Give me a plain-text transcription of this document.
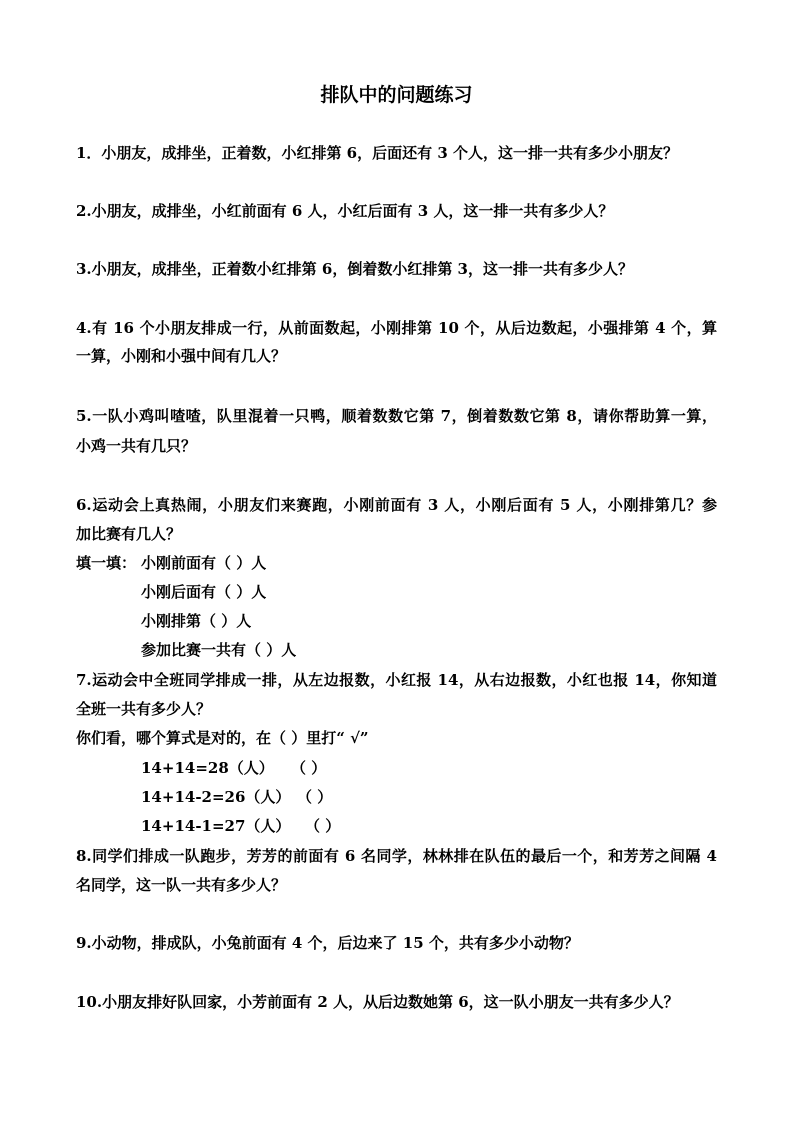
排队中的问题练习
1．小朋友，成排坐，正着数，小红排第 6，后面还有 3 个人，这一排一共有多少小朋友？
2.小朋友，成排坐，小红前面有 6 人，小红后面有 3 人，这一排一共有多少人？
3.小朋友，成排坐，正着数小红排第 6，倒着数小红排第 3，这一排一共有多少人？
4.有 16 个小朋友排成一行，从前面数起，小刚排第 10 个，从后边数起，小强排第 4 个，算
一算，小刚和小强中间有几人？
5.一队小鸡叫喳喳，队里混着一只鸭，顺着数数它第 7，倒着数数它第 8，请你帮助算一算，
小鸡一共有几只？
6.运动会上真热闹，小朋友们来赛跑，小刚前面有 3 人，小刚后面有 5 人，小刚排第几？参
加比赛有几人？
填一填： 小刚前面有（ ）人
小刚后面有（ ）人
小刚排第（ ）人
参加比赛一共有（ ）人
7.运动会中全班同学排成一排，从左边报数，小红报 14，从右边报数，小红也报 14，你知道
全班一共有多少人？
你们看，哪个算式是对的，在（ ）里打“ √”
14+14=28（人） （ ）
14+14-2=26（人） （ ）
14+14-1=27（人） （ ）
8.同学们排成一队跑步，芳芳的前面有 6 名同学，林林排在队伍的最后一个，和芳芳之间隔 4
名同学，这一队一共有多少人？
9.小动物，排成队，小兔前面有 4 个，后边来了 15 个，共有多少小动物？
10.小朋友排好队回家，小芳前面有 2 人，从后边数她第 6，这一队小朋友一共有多少人？
